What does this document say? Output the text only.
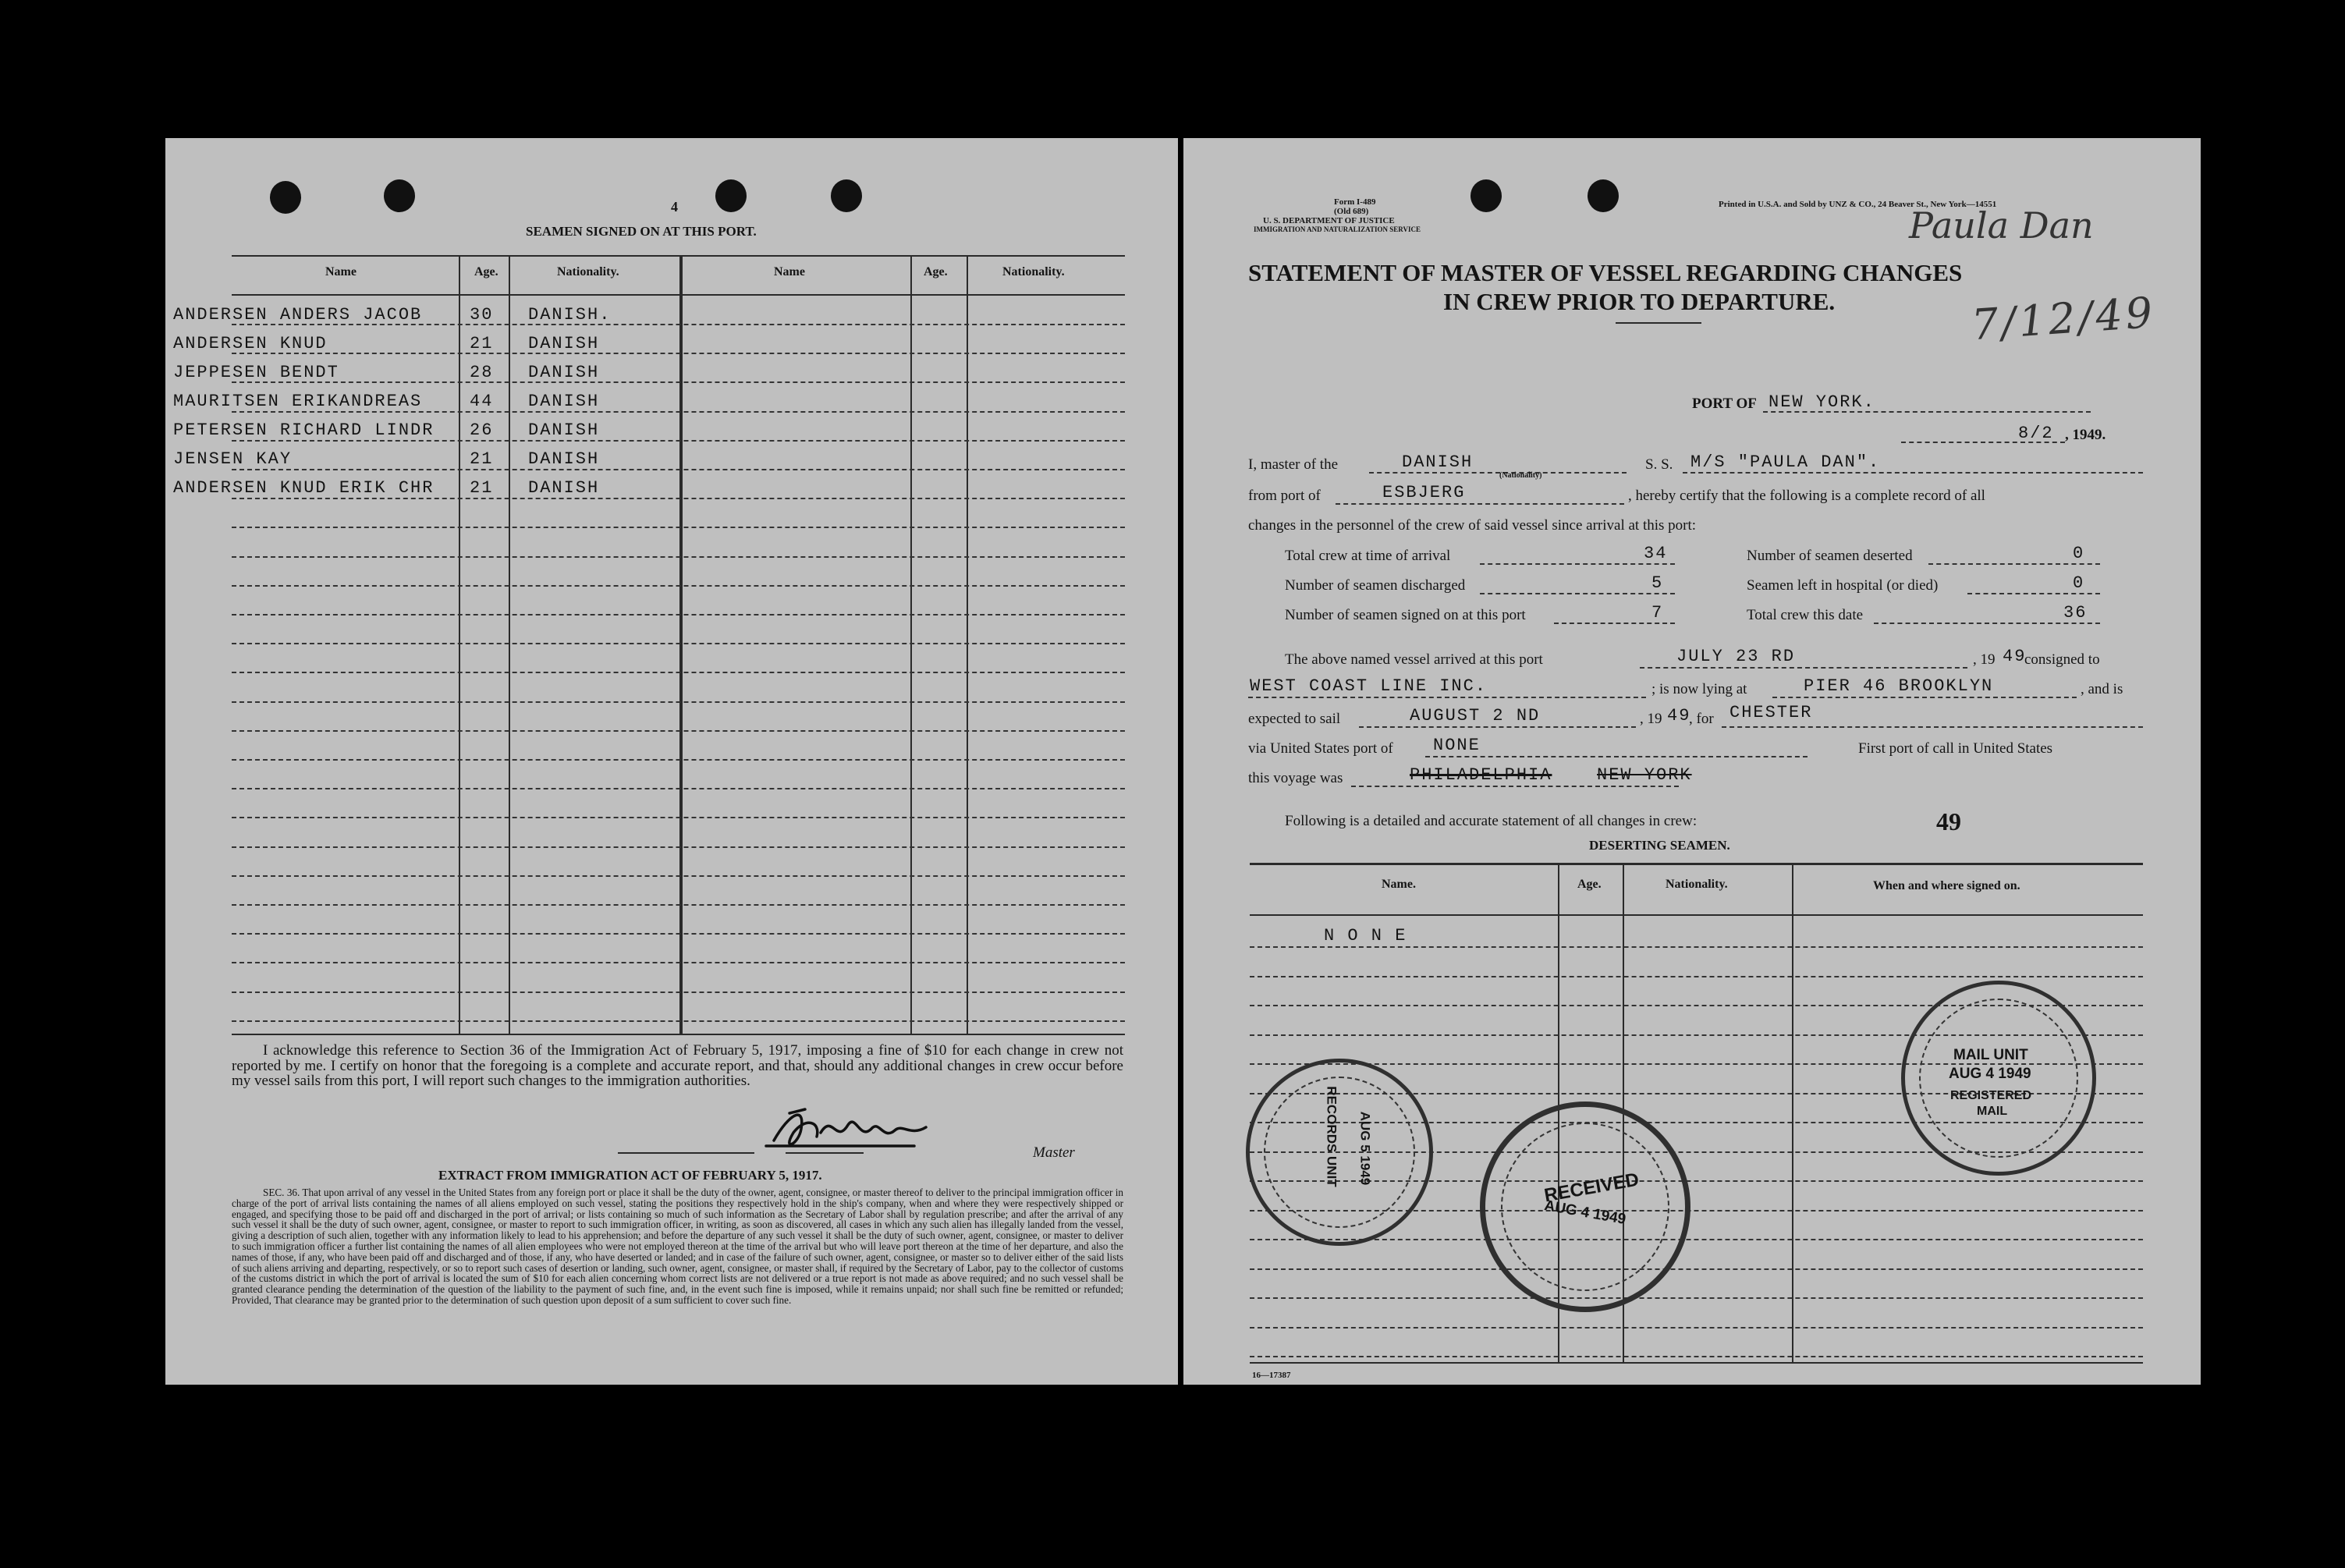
4
SEAMEN SIGNED ON AT THIS PORT.
Name	Age.	Nationality.	Name	Age.	Nationality.
ANDERSEN ANDERS JACOB	30 DANISH.
ANDERSEN KNUD	21 DANISH
JEPPESEN BENDT	28 DANISH
MAURITSEN ERIKANDREAS	44 DANISH
PETERSEN RICHARD LINDR 26 DANISH
JENSEN KAY	21 DANISH
ANDERSEN KNUD ERIK CHR 21 DANISH
I acknowledge this reference to Section 36 of the Immigration Act of February 5, 1917, imposing a fine of $10 for each change in crew not reported by me. I certify on honor that the foregoing is a complete and accurate report, and that, should any additional changes in crew occur before my vessel sails from this port, I will report such changes to the immigration authorities.
Master
EXTRACT FROM IMMIGRATION ACT OF FEBRUARY 5, 1917.
SEC. 36. That upon arrival of any vessel in the United States from any foreign port or place it shall be the duty of the owner, agent, consignee, or master thereof to deliver to the principal immigration officer in charge of the port of arrival lists containing the names of all aliens employed on such vessel, stating the positions they respectively hold in the ship's company, when and where they were respectively shipped or engaged, and specifying those to be paid off and discharged in the port of arrival; or lists containing so much of such information as the Secretary of Labor shall by regulation prescribe; and after the arrival of any such vessel it shall be the duty of such owner, agent, consignee, or master to report to such immigration officer, in writing, as soon as discovered, all cases in which any such alien has illegally landed from the vessel, giving a description of such alien, together with any information likely to lead to his apprehension; and before the departure of any such vessel it shall be the duty of such owner, agent, consignee, or master to deliver to such immigration officer a further list containing the names of all alien employees who were not employed thereon at the time of the arrival but who will leave port thereon at the time of her departure, and also the names of those, if any, who have been paid off and discharged and of those, if any, who have deserted or landed; and in case of the failure of such owner, agent, consignee, or master so to deliver either of the said lists of such aliens arriving and departing, respectively, or so to report such cases of desertion or landing, such owner, agent, consignee, or master shall, if required by the Secretary of Labor, pay to the collector of customs of the customs district in which the port of arrival is located the sum of $10 for each alien concerning whom correct lists are not delivered or a true report is not made as above required; and no such vessel shall be granted clearance pending the determination of the question of the liability to the payment of such fine, and, in the event such fine is imposed, while it remains unpaid; nor shall such fine be remitted or refunded; Provided, That clearance may be granted prior to the determination of such question upon deposit of a sum sufficient to cover such fine.
Form I-489
(Old 689)
U. S. DEPARTMENT OF JUSTICE
IMMIGRATION AND NATURALIZATION SERVICE
Printed in U.S.A. and Sold by UNZ & CO., 24 Beaver St., New York—14551
Paula Dan
7/12/49
STATEMENT OF MASTER OF VESSEL REGARDING CHANGES
IN CREW PRIOR TO DEPARTURE.
PORT OF NEW YORK.
8/2 , 1949.
I, master of the	DANISH
(Nationality)
S. S. M/S "PAULA DAN".
from port of	ESBJERG	, hereby certify that the following is a complete record of all
changes in the personnel of the crew of said vessel since arrival at this port:
Total crew at time of arrival	34
Number of seamen discharged	5
Number of seamen signed on at this port	7
Number of seamen deserted	0
Seamen left in hospital (or died)	0
Total crew this date	36
The above named vessel arrived at this port	JULY 23 RD	, 19 49
consigned to
WEST COAST LINE INC.	; is now lying at	PIER 46 BROOKLYN	, and is
expected to sail	AUGUST 2 ND	, 19 49
, for CHESTER
via United States port of NONE	First port of call in United States
this voyage was	PHILADELPHIA	NEW YORK
Following is a detailed and accurate statement of all changes in crew:	49
DESERTING SEAMEN.
Name.	Age.	Nationality.	When and where signed on.
N O N E
16—17387
MAIL UNIT
AUG 4 1949
REGISTERED
MAIL
RECEIVED
AUG 4 1949
RECORDS UNIT AUG 5 1949
